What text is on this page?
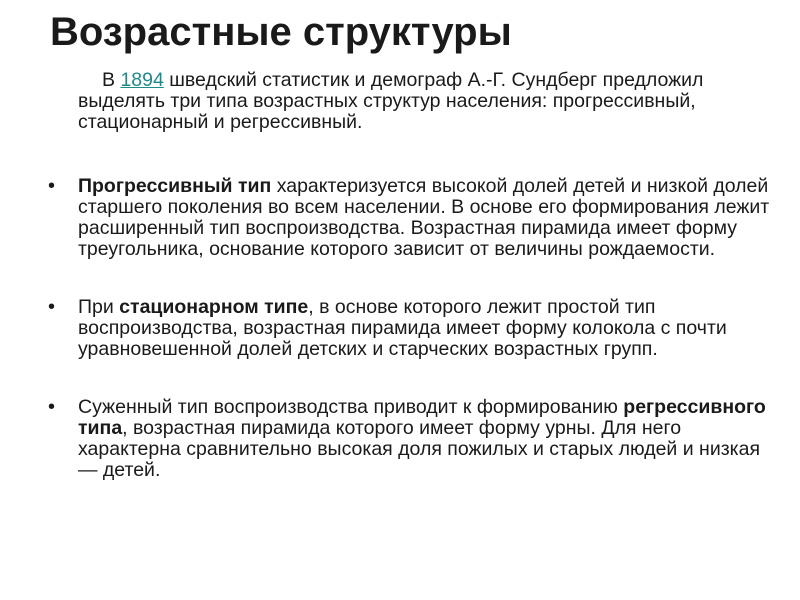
Возрастные структуры

В 1894 шведский статистик и демограф А.-Г. Сундберг предложил выделять три типа возрастных структур населения: прогрессивный, стационарный и регрессивный.

• Прогрессивный тип характеризуется высокой долей детей и низкой долей старшего поколения во всем населении. В основе его формирования лежит расширенный тип воспроизводства. Возрастная пирамида имеет форму треугольника, основание которого зависит от величины рождаемости.
• При стационарном типе, в основе которого лежит простой тип воспроизводства, возрастная пирамида имеет форму колокола с почти уравновешенной долей детских и старческих возрастных групп.
• Суженный тип воспроизводства приводит к формированию регрессивного типа, возрастная пирамида которого имеет форму урны. Для него характерна сравнительно высокая доля пожилых и старых людей и низкая — детей.
